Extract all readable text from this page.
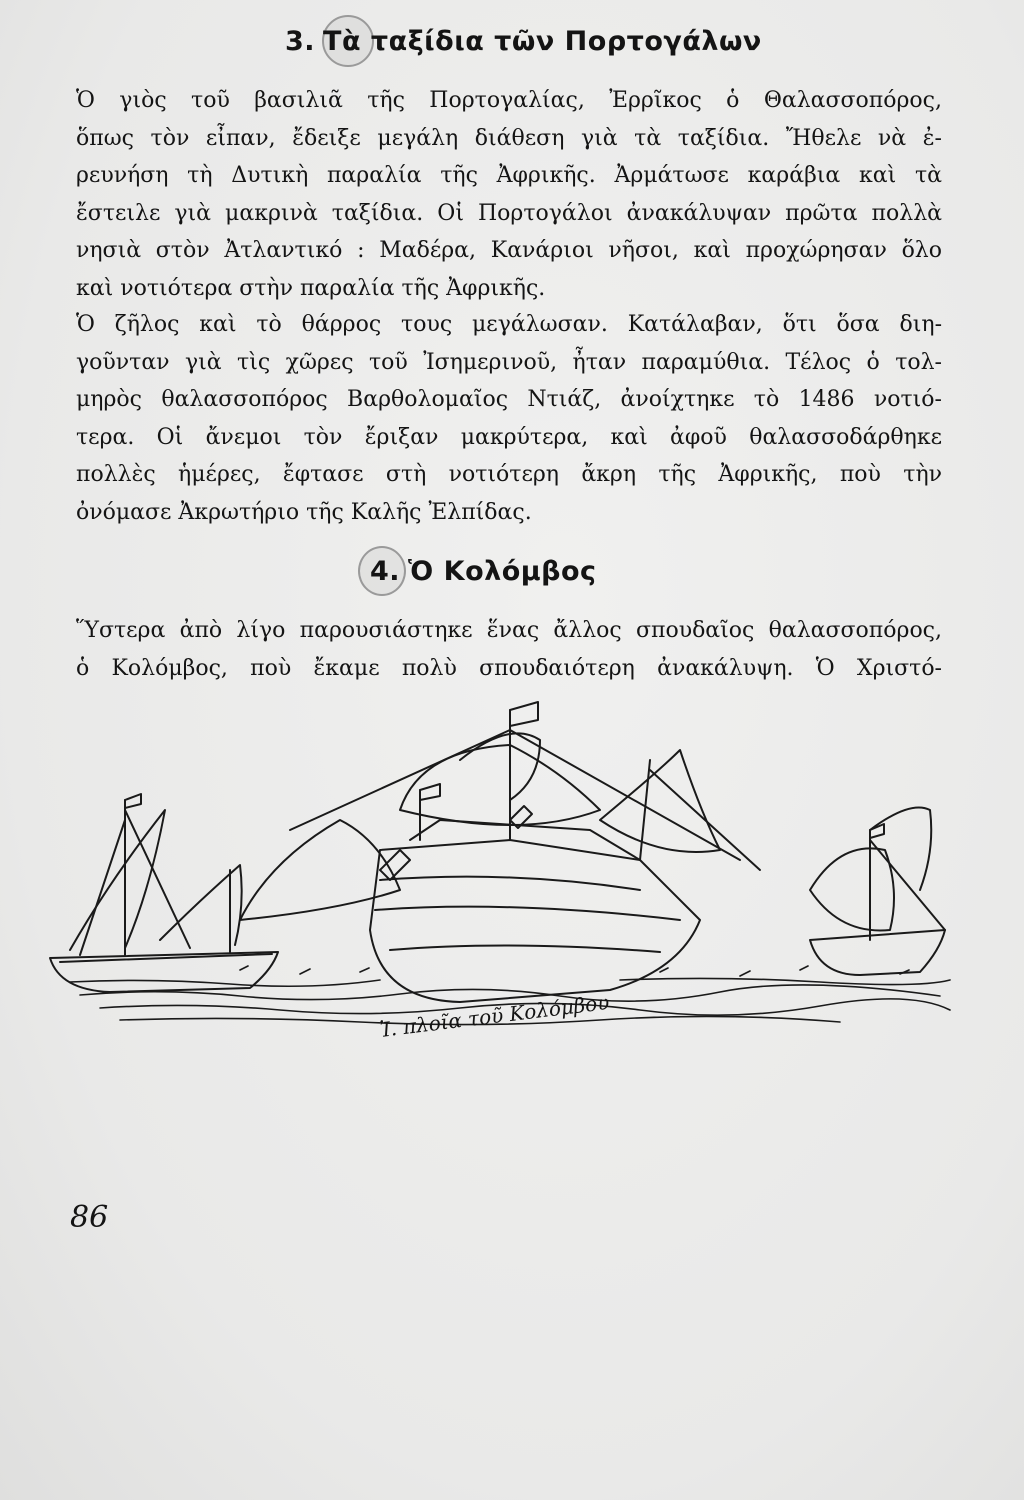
3. Τὰ ταξίδια τῶν Πορτογάλων
Ὁ γιὸς τοῦ βασιλιᾶ τῆς Πορτογαλίας, Ἐρρῖκος ὁ Θαλασσοπόρος,
ὅπως τὸν εἶπαν, ἔδειξε μεγάλη διάθεση γιὰ τὰ ταξίδια. Ἤθελε νὰ ἐ-
ρευνήση τὴ Δυτικὴ παραλία τῆς Ἀφρικῆς. Ἀρμάτωσε καράβια καὶ τὰ
ἔστειλε γιὰ μακρινὰ ταξίδια. Οἱ Πορτογάλοι ἀνακάλυψαν πρῶτα πολλὰ
νησιὰ στὸν Ἀτλαντικό : Μαδέρα, Κανάριοι νῆσοι, καὶ προχώρησαν ὅλο
καὶ νοτιότερα στὴν παραλία τῆς Ἀφρικῆς.
Ὁ ζῆλος καὶ τὸ θάρρος τους μεγάλωσαν. Κατάλαβαν, ὅτι ὅσα διη-
γοῦνταν γιὰ τὶς χῶρες τοῦ Ἰσημερινοῦ, ἦταν παραμύθια. Τέλος ὁ τολ-
μηρὸς θαλασσοπόρος Βαρθολομαῖος Ντιάζ, ἀνοίχτηκε τὸ 1486 νοτιό-
τερα. Οἱ ἄνεμοι τὸν ἔριξαν μακρύτερα, καὶ ἀφοῦ θαλασσοδάρθηκε
πολλὲς ἡμέρες, ἔφτασε στὴ νοτιότερη ἄκρη τῆς Ἀφρικῆς, ποὺ τὴν
ὀνόμασε Ἀκρωτήριο τῆς Καλῆς Ἐλπίδας.
4. Ὁ Κολόμβος
Ὕστερα ἀπὸ λίγο παρουσιάστηκε ἕνας ἄλλος σπουδαῖος θαλασσοπόρος,
ὁ Κολόμβος, ποὺ ἔκαμε πολὺ σπουδαιότερη ἀνακάλυψη. Ὁ Χριστό-
Ἰ. πλοῖα τοῦ Κολόμβου
86
